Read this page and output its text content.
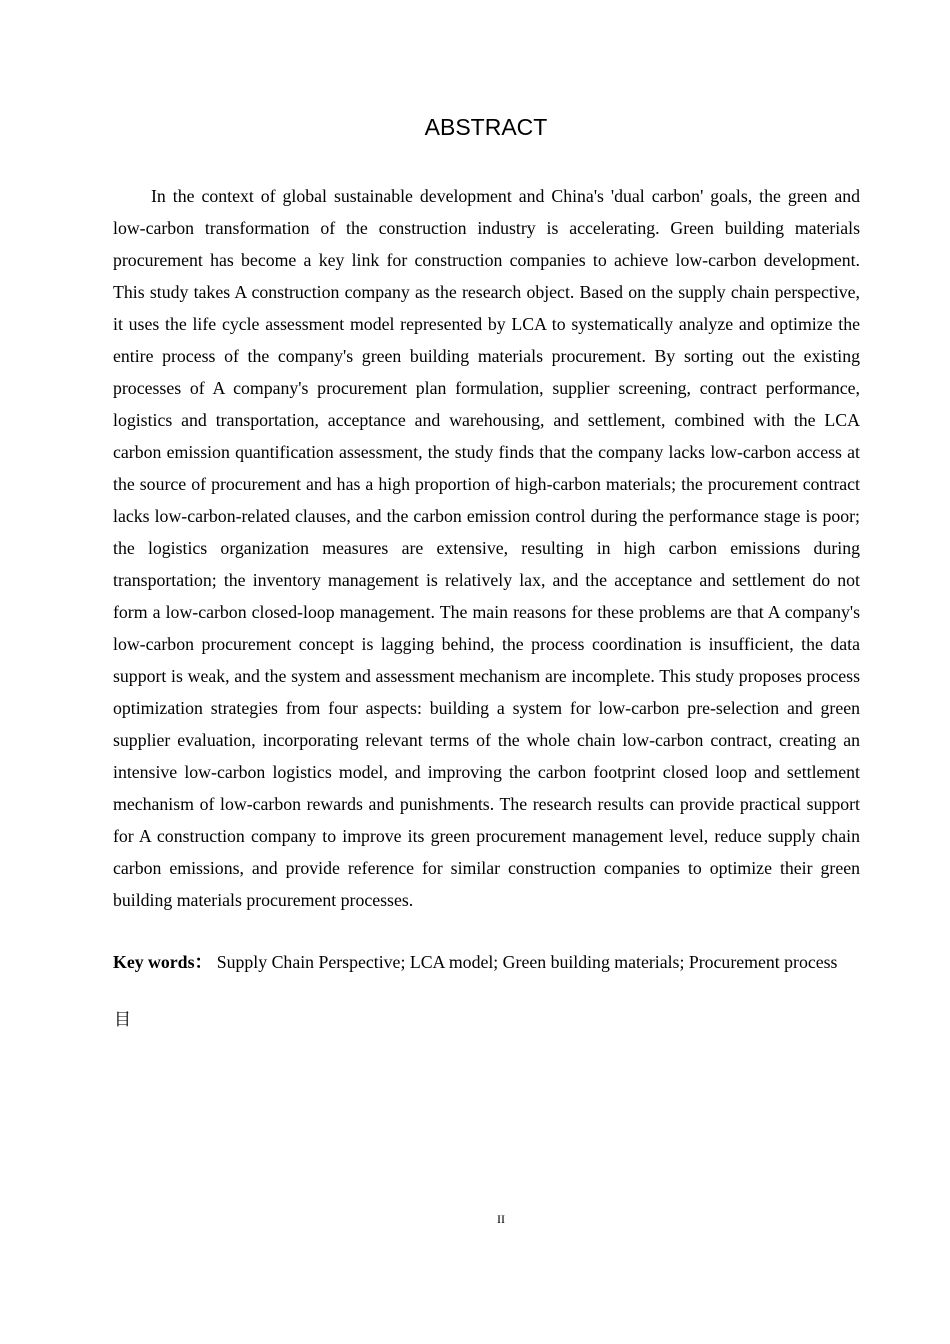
ABSTRACT

In the context of global sustainable development and China's 'dual carbon' goals, the green and low-carbon transformation of the construction industry is accelerating. Green building materials procurement has become a key link for construction companies to achieve low-carbon development. This study takes A construction company as the research object. Based on the supply chain perspective, it uses the life cycle assessment model represented by LCA to systematically analyze and optimize the entire process of the company's green building materials procurement. By sorting out the existing processes of A company's procurement plan formulation, supplier screening, contract performance, logistics and transportation, acceptance and warehousing, and settlement, combined with the LCA carbon emission quantification assessment, the study finds that the company lacks low-carbon access at the source of procurement and has a high proportion of high-carbon materials; the procurement contract lacks low-carbon-related clauses, and the carbon emission control during the performance stage is poor; the logistics organization measures are extensive, resulting in high carbon emissions during transportation; the inventory management is relatively lax, and the acceptance and settlement do not form a low-carbon closed-loop management. The main reasons for these problems are that A company's low-carbon procurement concept is lagging behind, the process coordination is insufficient, the data support is weak, and the system and assessment mechanism are incomplete. This study proposes process optimization strategies from four aspects: building a system for low-carbon pre-selection and green supplier evaluation, incorporating relevant terms of the whole chain low-carbon contract, creating an intensive low-carbon logistics model, and improving the carbon footprint closed loop and settlement mechanism of low-carbon rewards and punishments. The research results can provide practical support for A construction company to improve its green procurement management level, reduce supply chain carbon emissions, and provide reference for similar construction companies to optimize their green building materials procurement processes.

Key words： Supply Chain Perspective; LCA model; Green building materials; Procurement process

目

II
